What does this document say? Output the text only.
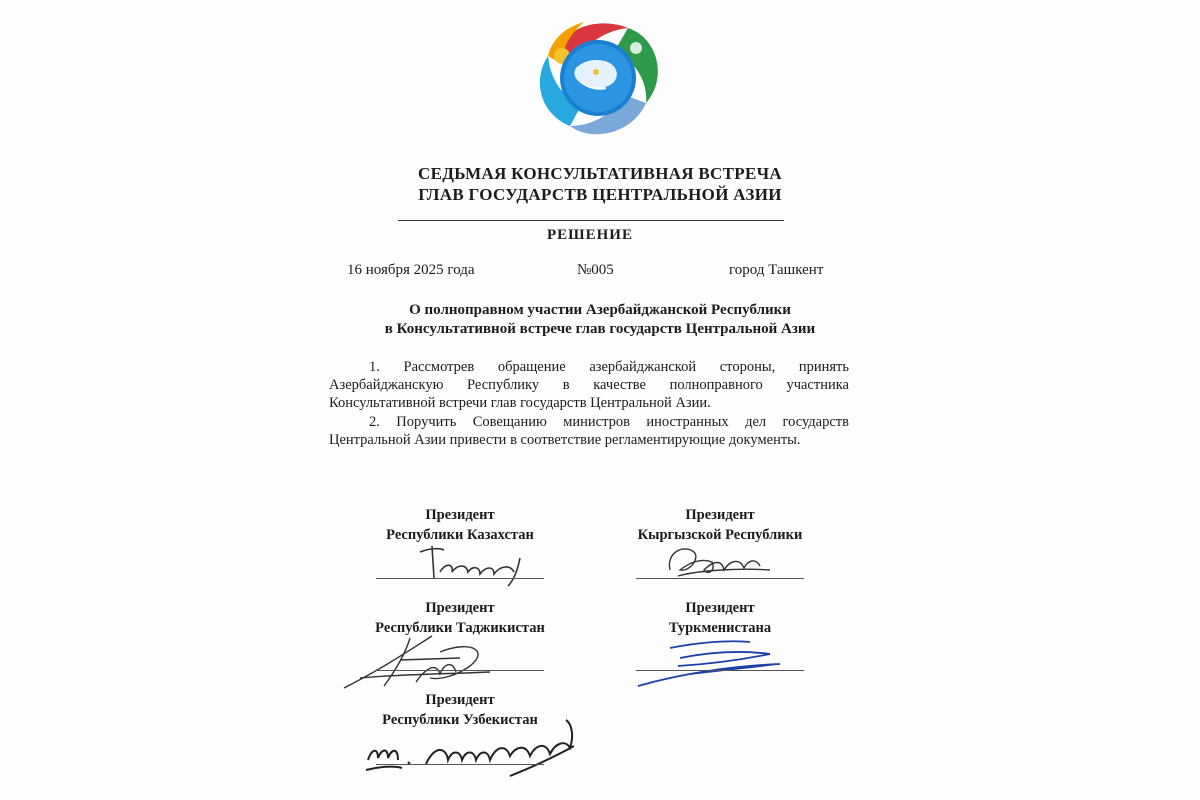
СЕДЬМАЯ КОНСУЛЬТАТИВНАЯ ВСТРЕЧА
ГЛАВ ГОСУДАРСТВ ЦЕНТРАЛЬНОЙ АЗИИ
РЕШЕНИЕ
16 ноября 2025 года	№005	город Ташкент
О полноправном участии Азербайджанской Республики
в Консультативной встрече глав государств Центральной Азии

1. Рассмотрев обращение азербайджанской стороны, принять Азербайджанскую Республику в качестве полноправного участника Консультативной встречи глав государств Центральной Азии.

2. Поручить Совещанию министров иностранных дел государств Центральной Азии привести в соответствие регламентирующие документы.

Президент
Республики Казахстан
Президент
Кыргызской Республики
Президент
Республики Таджикистан
Президент
Туркменистана
Президент
Республики Узбекистан
